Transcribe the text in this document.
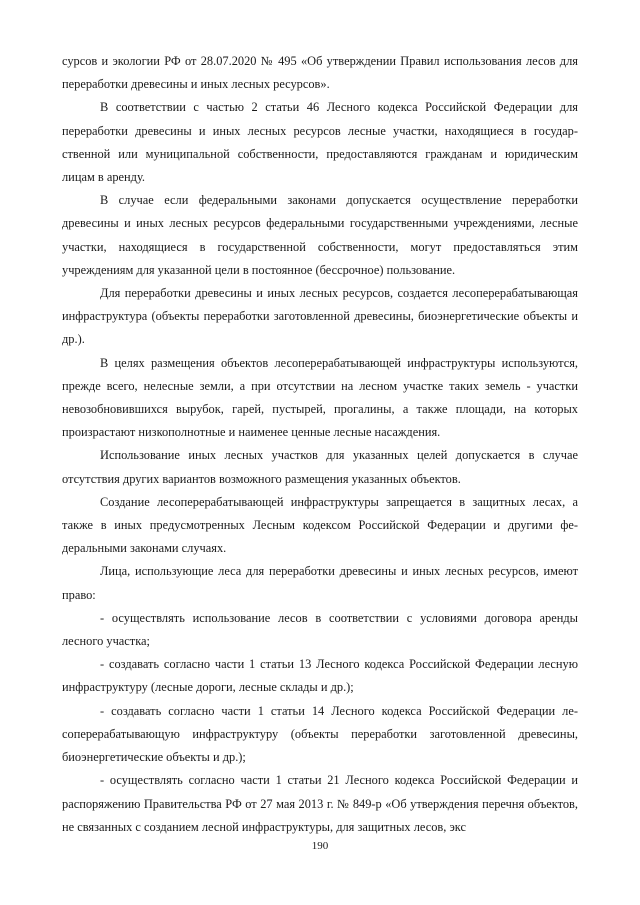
сурсов и экологии РФ от 28.07.2020 № 495 «Об утверждении Правил использования лесов для переработки древесины и иных лесных ресурсов».

В соответствии с частью 2 статьи 46 Лесного кодекса Российской Федерации для переработки древесины и иных лесных ресурсов лесные участки, находящиеся в государственной или муниципальной собственности, предоставляются гражданам и юридическим лицам в аренду.

В случае если федеральными законами допускается осуществление переработки древесины и иных лесных ресурсов федеральными государственными учреждениями, лесные участки, находящиеся в государственной собственности, могут предоставляться этим учреждениям для указанной цели в постоянное (бессрочное) пользование.

Для переработки древесины и иных лесных ресурсов, создается лесоперерабатывающая инфраструктура (объекты переработки заготовленной древесины, биоэнергетические объекты и др.).

В целях размещения объектов лесоперерабатывающей инфраструктуры используются, прежде всего, нелесные земли, а при отсутствии на лесном участке таких земель - участки невозобновившихся вырубок, гарей, пустырей, прогалины, а также площади, на которых произрастают низкополнотные и наименее ценные лесные насаждения.

Использование иных лесных участков для указанных целей допускается в случае отсутствия других вариантов возможного размещения указанных объектов.

Создание лесоперерабатывающей инфраструктуры запрещается в защитных лесах, а также в иных предусмотренных Лесным кодексом Российской Федерации и другими федеральными законами случаях.

Лица, использующие леса для переработки древесины и иных лесных ресурсов, имеют право:

- осуществлять использование лесов в соответствии с условиями договора аренды лесного участка;

- создавать согласно части 1 статьи 13 Лесного кодекса Российской Федерации лесную инфраструктуру (лесные дороги, лесные склады и др.);

- создавать согласно части 1 статьи 14 Лесного кодекса Российской Федерации лесоперерабатывающую инфраструктуру (объекты переработки заготовленной древесины, биоэнергетические объекты и др.);

- осуществлять согласно части 1 статьи 21 Лесного кодекса Российской Федерации и распоряжению Правительства РФ от 27 мая 2013 г. № 849-р «Об утверждения перечня объектов, не связанных с созданием лесной инфраструктуры, для защитных лесов, экс

190
